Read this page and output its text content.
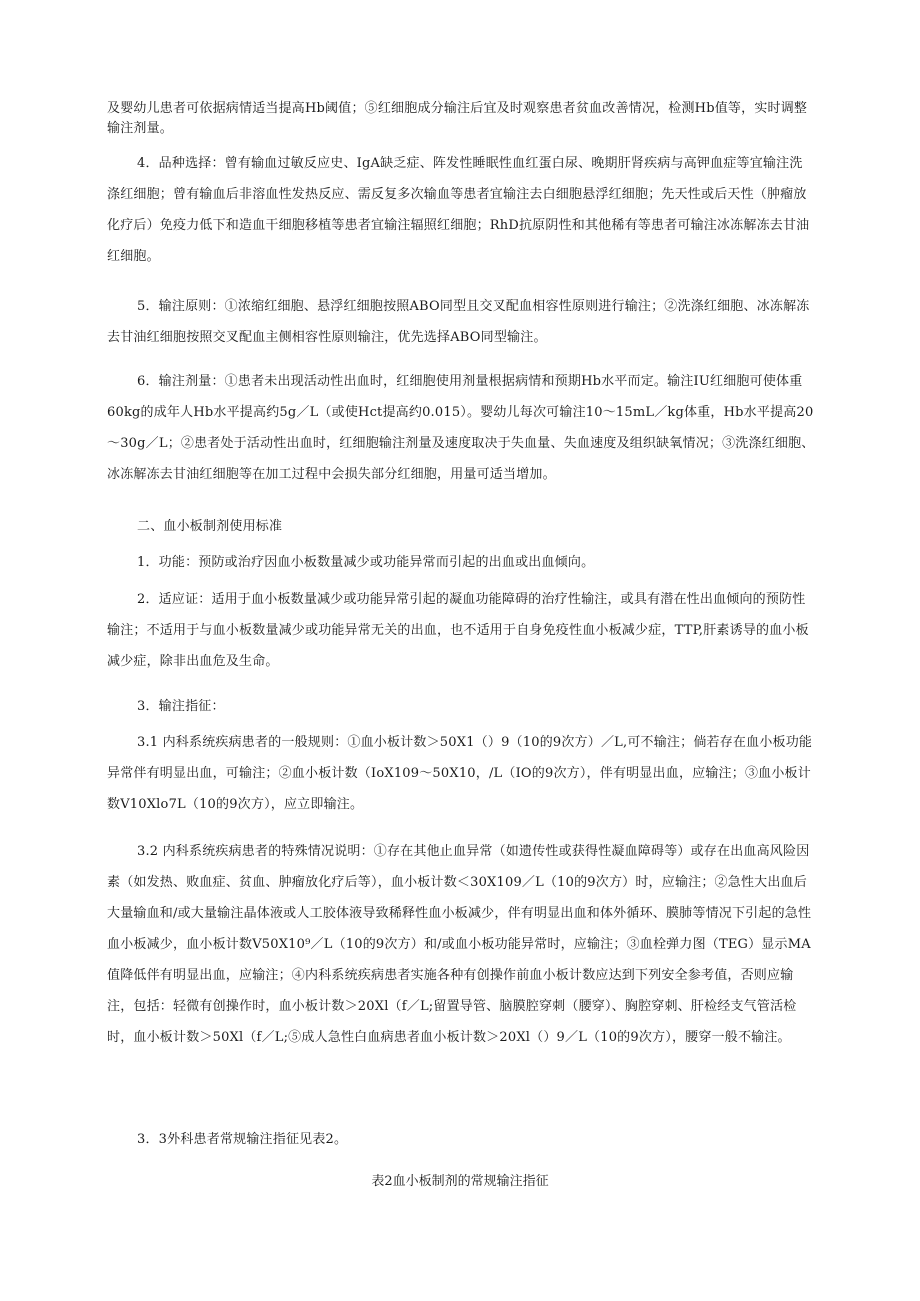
及婴幼儿患者可依据病情适当提高Hb阈值；⑤红细胞成分输注后宜及时观察患者贫血改善情况，检测Hb值等，实时调整输注剂量。

4．品种选择：曾有输血过敏反应史、IgA缺乏症、阵发性睡眠性血红蛋白尿、晚期肝肾疾病与高钾血症等宜输注洗涤红细胞；曾有输血后非溶血性发热反应、需反复多次输血等患者宜输注去白细胞悬浮红细胞；先天性或后天性（肿瘤放化疗后）免疫力低下和造血干细胞移植等患者宜输注辐照红细胞；RhD抗原阴性和其他稀有等患者可输注冰冻解冻去甘油红细胞。

5．输注原则：①浓缩红细胞、悬浮红细胞按照ABO同型且交叉配血相容性原则进行输注；②洗涤红细胞、冰冻解冻去甘油红细胞按照交叉配血主侧相容性原则输注，优先选择ABO同型输注。

6．输注剂量：①患者未出现活动性出血时，红细胞使用剂量根据病情和预期Hb水平而定。输注IU红细胞可使体重60kg的成年人Hb水平提高约5g／L（或使Hct提高约0.015）。婴幼儿每次可输注10～15mL／kg体重，Hb水平提高20～30g／L；②患者处于活动性出血时，红细胞输注剂量及速度取决于失血量、失血速度及组织缺氧情况；③洗涤红细胞、冰冻解冻去甘油红细胞等在加工过程中会损失部分红细胞，用量可适当增加。

二、血小板制剂使用标准

1．功能：预防或治疗因血小板数量减少或功能异常而引起的出血或出血倾向。

2．适应证：适用于血小板数量减少或功能异常引起的凝血功能障碍的治疗性输注，或具有潜在性出血倾向的预防性输注；不适用于与血小板数量减少或功能异常无关的出血，也不适用于自身免疫性血小板减少症，TTP,肝素诱导的血小板减少症，除非出血危及生命。

3．输注指征：

3.1 内科系统疾病患者的一般规则：①血小板计数＞50X1（）9（10的9次方）／L,可不输注；倘若存在血小板功能异常伴有明显出血，可输注；②血小板计数（IoX109～50X10，/L（IO的9次方），伴有明显出血，应输注；③血小板计数V10Xlo7L（10的9次方），应立即输注。

3.2 内科系统疾病患者的特殊情况说明：①存在其他止血异常（如遗传性或获得性凝血障碍等）或存在出血高风险因素（如发热、败血症、贫血、肿瘤放化疗后等），血小板计数＜30X109／L（10的9次方）时，应输注；②急性大出血后大量输血和/或大量输注晶体液或人工胶体液导致稀释性血小板减少，伴有明显出血和体外循环、膜肺等情况下引起的急性血小板减少，血小板计数V50X10⁹／L（10的9次方）和/或血小板功能异常时，应输注；③血栓弹力图（TEG）显示MA值降低伴有明显出血，应输注；④内科系统疾病患者实施各种有创操作前血小板计数应达到下列安全参考值，否则应输注，包括：轻微有创操作时，血小板计数＞20Xl（f／L;留置导管、脑膜腔穿刺（腰穿）、胸腔穿刺、肝检经支气管活检时，血小板计数＞50Xl（f／L;⑤成人急性白血病患者血小板计数＞20Xl（）9／L（10的9次方），腰穿一般不输注。

3．3外科患者常规输注指征见表2。

表2血小板制剂的常规输注指征
